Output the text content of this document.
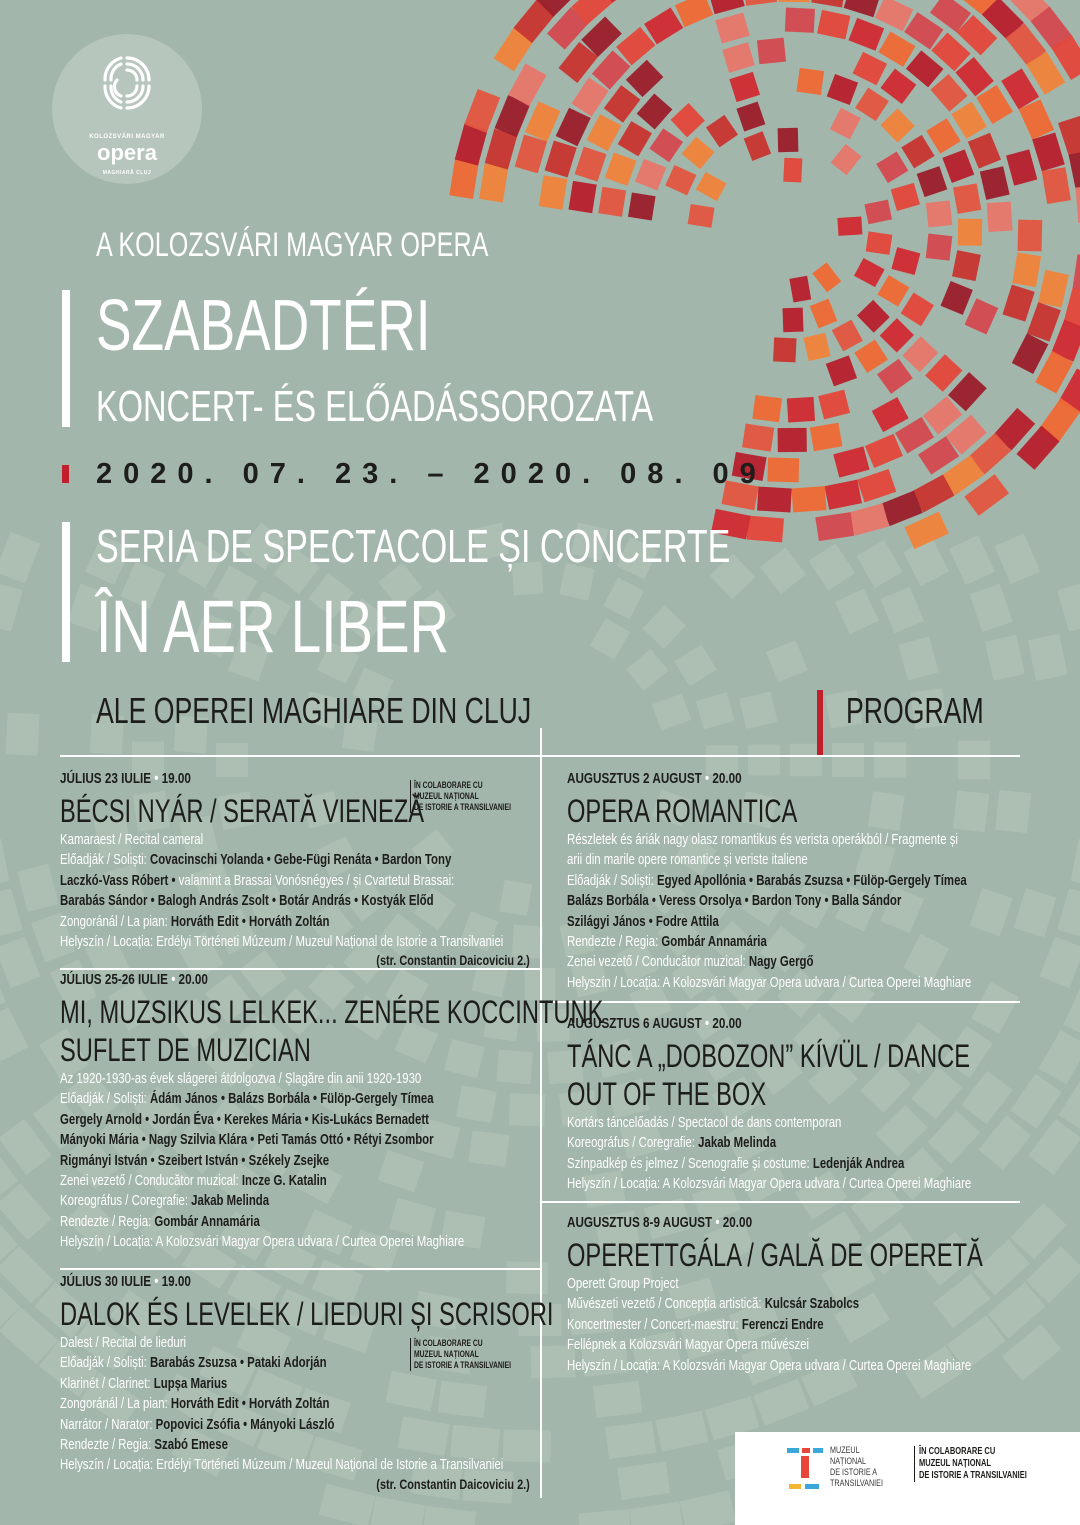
KOLOZSVÁRI MAGYAR
opera
MAGHIARĂ CLUJ
A KOLOZSVÁRI MAGYAR OPERA
SZABADTÉRI
KONCERT- ÉS ELŐADÁSSOROZATA
2020. 07. 23. – 2020. 08. 09
SERIA DE SPECTACOLE ȘI CONCERTE
ÎN AER LIBER
ALE OPEREI MAGHIARE DIN CLUJ	PROGRAM
JÚLIUS 23 IULIE • 19.00
BÉCSI NYÁR / SERATĂ VIENEZĂ
Kamaraest / Recital cameral
Előadják / Soliști: Covacinschi Yolanda • Gebe-Fügi Renáta • Bardon Tony
Laczkó-Vass Róbert • valamint a Brassai Vonósnégyes / și Cvartetul Brassai:
Barabás Sándor • Balogh András Zsolt • Botár András • Kostyák Előd
Zongoránál / La pian: Horváth Edit • Horváth Zoltán
Helyszín / Locația: Erdélyi Történeti Múzeum / Muzeul Național de Istorie a Transilvaniei
(str. Constantin Daicoviciu 2.)
ÎN COLABORARE CU
MUZEUL NAȚIONAL
DE ISTORIE A TRANSILVANIEI
JÚLIUS 25-26 IULIE • 20.00
MI, MUZSIKUS LELKEK... ZENÉRE KOCCINTUNK
SUFLET DE MUZICIAN
Az 1920-1930-as évek slágerei átdolgozva / Șlagăre din anii 1920-1930
Előadják / Soliști: Ádám János • Balázs Borbála • Fülöp-Gergely Tímea
Gergely Arnold • Jordán Éva • Kerekes Mária • Kis-Lukács Bernadett
Mányoki Mária • Nagy Szilvia Klára • Peti Tamás Ottó • Rétyi Zsombor
Rigmányi István • Szeibert István • Székely Zsejke
Zenei vezető / Conducător muzical: Incze G. Katalin
Koreográfus / Coregrafie: Jakab Melinda
Rendezte / Regia: Gombár Annamária
Helyszín / Locația: A Kolozsvári Magyar Opera udvara / Curtea Operei Maghiare
JÚLIUS 30 IULIE • 19.00
DALOK ÉS LEVELEK / LIEDURI ȘI SCRISORI
Dalest / Recital de lieduri
Előadják / Soliști: Barabás Zsuzsa • Pataki Adorján
Klarinét / Clarinet: Lupșa Marius
Zongoránál / La pian: Horváth Edit • Horváth Zoltán
Narrátor / Narator: Popovici Zsófia • Mányoki László
Rendezte / Regia: Szabó Emese
Helyszín / Locația: Erdélyi Történeti Múzeum / Muzeul Național de Istorie a Transilvaniei
(str. Constantin Daicoviciu 2.)
ÎN COLABORARE CU
MUZEUL NAȚIONAL
DE ISTORIE A TRANSILVANIEI
AUGUSZTUS 2 AUGUST • 20.00
OPERA ROMANTICA
Részletek és áriák nagy olasz romantikus és verista operákból / Fragmente și
arii din marile opere romantice și veriste italiene
Előadják / Soliști: Egyed Apollónia • Barabás Zsuzsa • Fülöp-Gergely Tímea
Balázs Borbála • Veress Orsolya • Bardon Tony • Balla Sándor
Szilágyi János • Fodre Attila
Rendezte / Regia: Gombár Annamária
Zenei vezető / Conducător muzical: Nagy Gergő
Helyszín / Locația: A Kolozsvári Magyar Opera udvara / Curtea Operei Maghiare
AUGUSZTUS 6 AUGUST • 20.00
TÁNC A „DOBOZON” KÍVÜL / DANCE
OUT OF THE BOX
Kortárs táncelőadás / Spectacol de dans contemporan
Koreográfus / Coregrafie: Jakab Melinda
Színpadkép és jelmez / Scenografie și costume: Ledenják Andrea
Helyszín / Locația: A Kolozsvári Magyar Opera udvara / Curtea Operei Maghiare
AUGUSZTUS 8-9 AUGUST • 20.00
OPERETTGÁLA / GALĂ DE OPERETĂ
Operett Group Project
Művészeti vezető / Concepția artistică: Kulcsár Szabolcs
Koncertmester / Concert-maestru: Ferenczi Endre
Fellépnek a Kolozsvári Magyar Opera művészei
Helyszín / Locația: A Kolozsvári Magyar Opera udvara / Curtea Operei Maghiare
MUZEUL
NAȚIONAL
DE ISTORIE A
TRANSILVANIEI
ÎN COLABORARE CU
MUZEUL NAȚIONAL
DE ISTORIE A TRANSILVANIEI
